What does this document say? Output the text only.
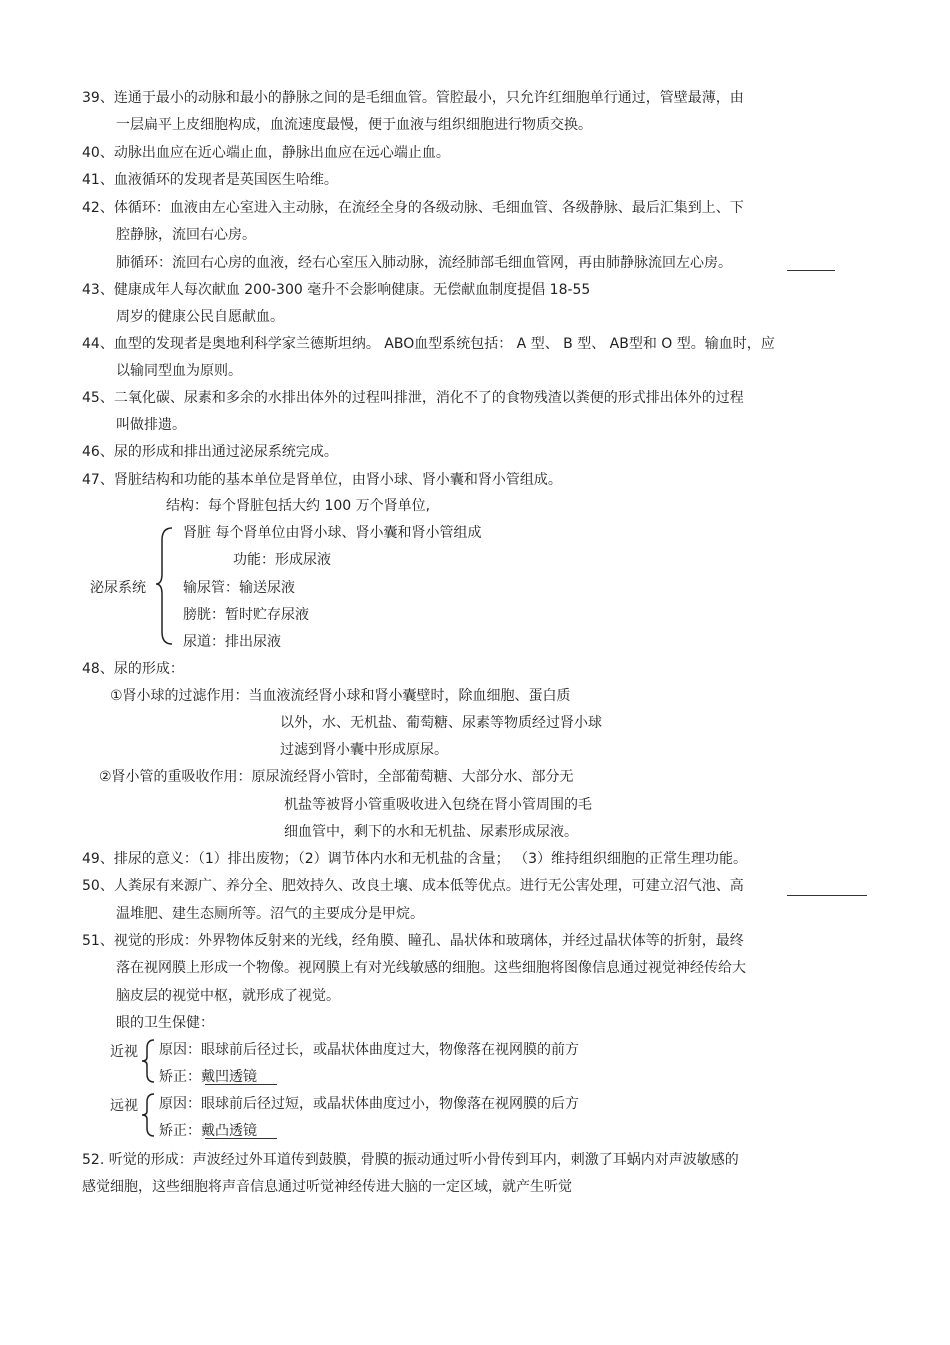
39、连通于最小的动脉和最小的静脉之间的是毛细血管。管腔最小，只允许红细胞单行通过，管壁最薄，由
一层扁平上皮细胞构成，血流速度最慢，便于血液与组织细胞进行物质交换。
40、动脉出血应在近心端止血，静脉出血应在远心端止血。
41、血液循环的发现者是英国医生哈维。
42、体循环：血液由左心室进入主动脉，在流经全身的各级动脉、毛细血管、各级静脉、最后汇集到上、下
腔静脉，流回右心房。
肺循环：流回右心房的血液，经右心室压入肺动脉，流经肺部毛细血管网，再由肺静脉流回左心房。
43、健康成年人每次献血 200-300 毫升不会影响健康。无偿献血制度提倡 18-55
周岁的健康公民自愿献血。
44、血型的发现者是奥地利科学家兰德斯坦纳。 ABO血型系统包括： A 型、 B 型、 AB型和 O 型。输血时，应
以输同型血为原则。
45、二氧化碳、尿素和多余的水排出体外的过程叫排泄，消化不了的食物残渣以粪便的形式排出体外的过程
叫做排遗。
46、尿的形成和排出通过泌尿系统完成。
47、肾脏结构和功能的基本单位是肾单位，由肾小球、肾小囊和肾小管组成。
结构：每个肾脏包括大约 100 万个肾单位,
肾脏 每个肾单位由肾小球、肾小囊和肾小管组成
功能：形成尿液
泌尿系统	输尿管：输送尿液
膀胱：暂时贮存尿液
尿道：排出尿液
48、尿的形成：
①肾小球的过滤作用：当血液流经肾小球和肾小囊壁时，除血细胞、蛋白质
以外，水、无机盐、葡萄糖、尿素等物质经过肾小球
过滤到肾小囊中形成原尿。
②肾小管的重吸收作用：原尿流经肾小管时，全部葡萄糖、大部分水、部分无
机盐等被肾小管重吸收进入包绕在肾小管周围的毛
细血管中，剩下的水和无机盐、尿素形成尿液。
49、排尿的意义：（1）排出废物；（2）调节体内水和无机盐的含量； （3）维持组织细胞的正常生理功能。
50、人粪尿有来源广、养分全、肥效持久、改良土壤、成本低等优点。进行无公害处理，可建立沼气池、高
温堆肥、建生态厕所等。沼气的主要成分是甲烷。
51、视觉的形成：外界物体反射来的光线，经角膜、瞳孔、晶状体和玻璃体，并经过晶状体等的折射，最终
落在视网膜上形成一个物像。视网膜上有对光线敏感的细胞。这些细胞将图像信息通过视觉神经传给大
脑皮层的视觉中枢，就形成了视觉。
眼的卫生保健：
近视 原因：眼球前后径过长，或晶状体曲度过大，物像落在视网膜的前方
矫正：戴凹透镜
远视 原因：眼球前后径过短，或晶状体曲度过小，物像落在视网膜的后方
矫正：戴凸透镜
52. 听觉的形成：声波经过外耳道传到鼓膜，骨膜的振动通过听小骨传到耳内，刺激了耳蜗内对声波敏感的
感觉细胞，这些细胞将声音信息通过听觉神经传进大脑的一定区域，就产生听觉
